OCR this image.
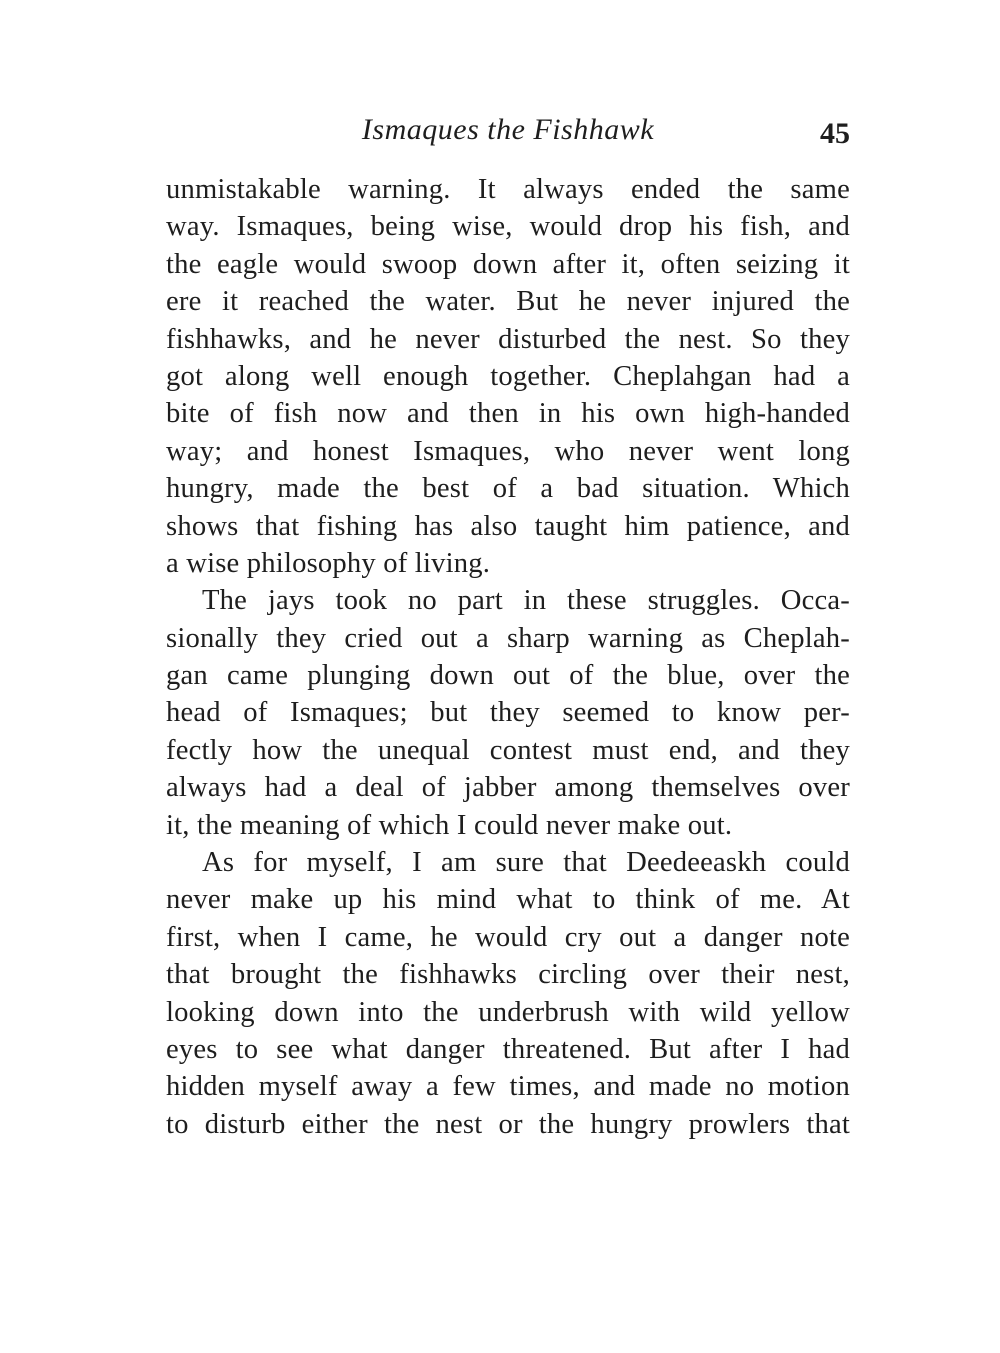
Ismaques the Fishhawk	45
unmistakable warning. It always ended the same
way. Ismaques, being wise, would drop his fish, and
the eagle would swoop down after it, often seizing it
ere it reached the water. But he never injured the
fishhawks, and he never disturbed the nest. So they
got along well enough together. Cheplahgan had a
bite of fish now and then in his own high-handed
way; and honest Ismaques, who never went long
hungry, made the best of a bad situation. Which
shows that fishing has also taught him patience, and
a wise philosophy of living.
The jays took no part in these struggles. Occa-
sionally they cried out a sharp warning as Cheplah-
gan came plunging down out of the blue, over the
head of Ismaques; but they seemed to know per-
fectly how the unequal contest must end, and they
always had a deal of jabber among themselves over
it, the meaning of which I could never make out.
As for myself, I am sure that Deedeeaskh could
never make up his mind what to think of me. At
first, when I came, he would cry out a danger note
that brought the fishhawks circling over their nest,
looking down into the underbrush with wild yellow
eyes to see what danger threatened. But after I had
hidden myself away a few times, and made no motion
to disturb either the nest or the hungry prowlers that
